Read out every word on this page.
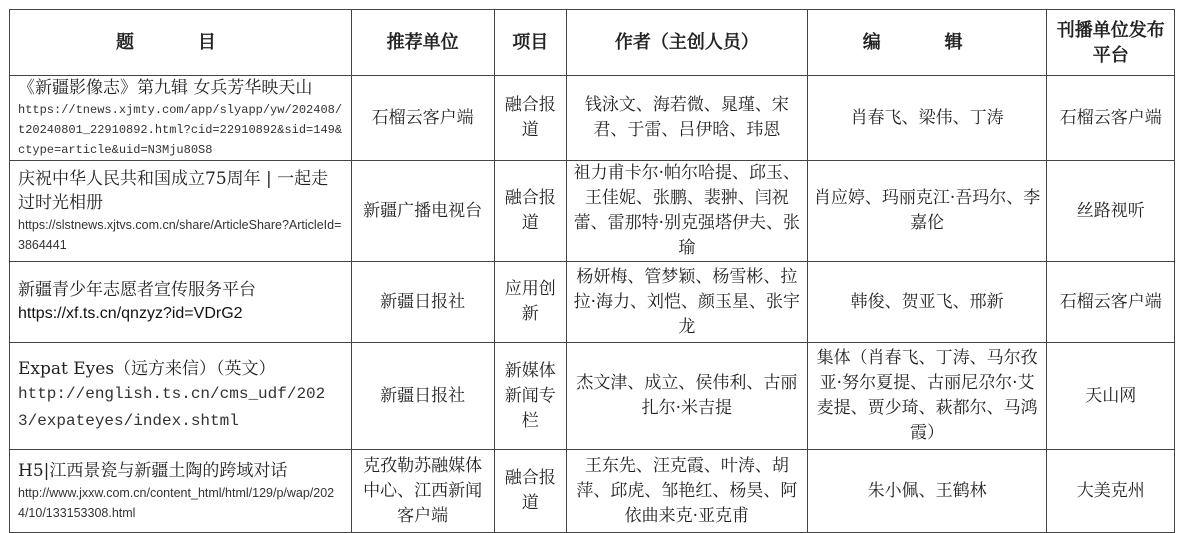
题 目	推荐单位	项目	作者（主创人员）	编 辑	刊播单位发布平台

《新疆影像志》第九辑 女兵芳华映天山
https://tnews.xjmty.com/app/slyapp/yw/202408/t20240801_22910892.html?cid=22910892&sid=149&ctype=article&uid=N3Mju80S8	石榴云客户端	融合报道	钱泳文、海若微、晁瑾、宋君、于雷、吕伊晗、玮恩	肖春飞、梁伟、丁涛	石榴云客户端

庆祝中华人民共和国成立75周年 | 一起走过时光相册
https://slstnews.xjtvs.com.cn/share/ArticleShare?ArticleId=3864441	新疆广播电视台	融合报道	祖力甫卡尔·帕尔哈提、邱玉、王佳妮、张鹏、裴翀、闫祝蕾、雷那特·别克强塔伊夫、张瑜	肖应婷、玛丽克江·吾玛尔、李嘉伦	丝路视听

新疆青少年志愿者宣传服务平台
https://xf.ts.cn/qnzyz?id=VDrG2	新疆日报社	应用创新	杨妍梅、管梦颖、杨雪彬、拉拉·海力、刘恺、颜玉星、张宇龙	韩俊、贺亚飞、邢新	石榴云客户端

Expat Eyes（远方来信）（英文）
http://english.ts.cn/cms_udf/2023/expateyes/index.shtml	新疆日报社	新媒体新闻专栏	杰文津、成立、侯伟利、古丽扎尔·米吉提	集体（肖春飞、丁涛、马尔孜亚·努尔夏提、古丽尼尕尔·艾麦提、贾少琦、萩都尔、马鸿霞）	天山网

H5|江西景瓷与新疆土陶的跨域对话
http://www.jxxw.com.cn/content_html/html/129/p/wap/2024/10/133153308.html	克孜勒苏融媒体中心、江西新闻客户端	融合报道	王东先、汪克霞、叶涛、胡萍、邱虎、邹艳红、杨昊、阿依曲来克·亚克甫	朱小佩、王鹤林	大美克州
